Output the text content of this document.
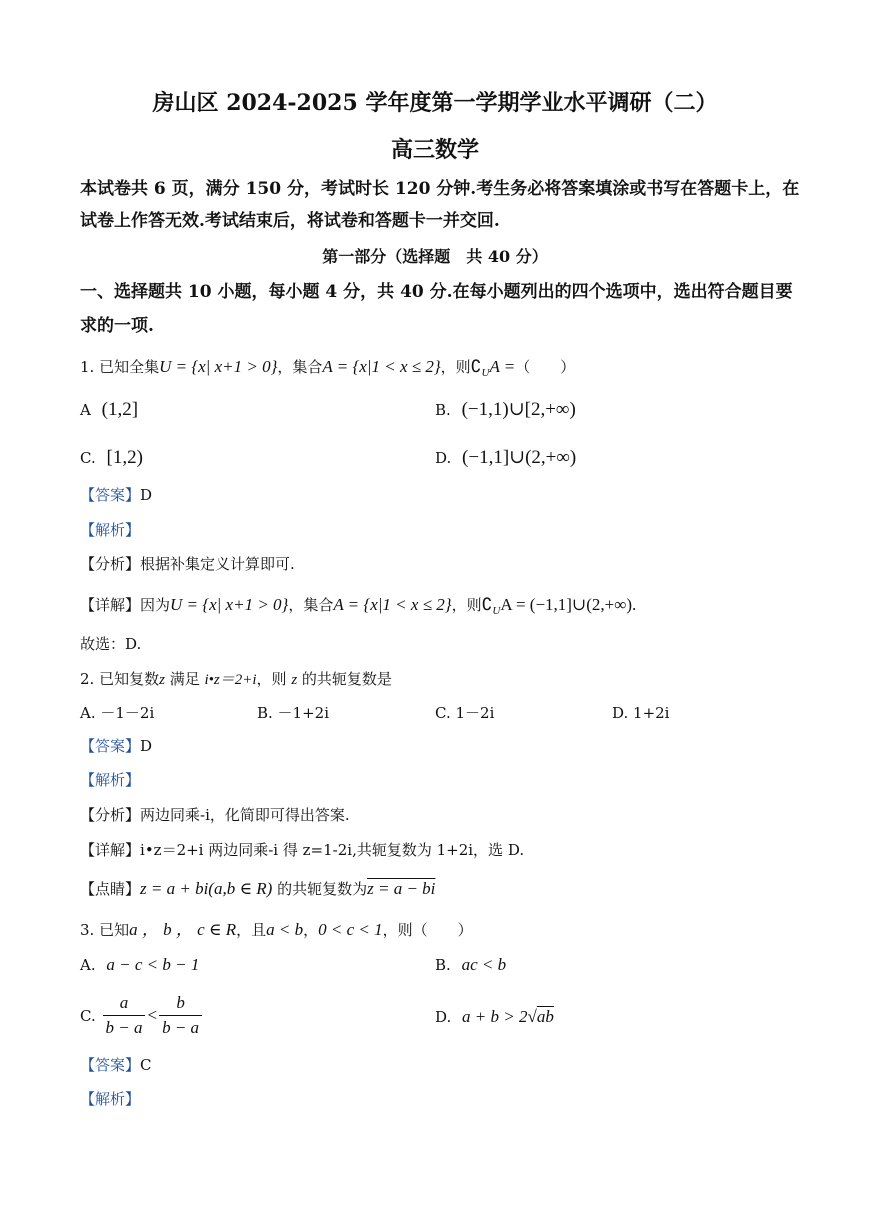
房山区 2024-2025 学年度第一学期学业水平调研（二）
高三数学
本试卷共 6 页，满分 150 分，考试时长 120 分钟.考生务必将答案填涂或书写在答题卡上，在
试卷上作答无效.考试结束后，将试卷和答题卡一并交回.
第一部分（选择题　共 40 分）
一、选择题共 10 小题，每小题 4 分，共 40 分.在每小题列出的四个选项中，选出符合题目要
求的一项.
1. 已知全集U = {x| x+1 > 0}，集合A = {x|1 < x ≤ 2}，则$∁_UA$ =（　　）
A (1,2]	B. (−1,1)∪[2,+∞)
C. [1,2)	D. (−1,1]∪(2,+∞)
【答案】D
【解析】
【分析】根据补集定义计算即可.
【详解】因为U = {x| x+1 > 0}，集合A = {x|1 < x ≤ 2}，则$∁_UA$ = (−1,1]∪(2,+∞).
故选：D.
2. 已知复数z 满足 i•z＝2+i，则 z 的共轭复数是
A. －1－2i	B. －1+2i	C. 1－2i	D. 1+2i
【答案】D
【解析】
【分析】两边同乘-i，化简即可得出答案.
【详解】i•z＝2+i 两边同乘-i 得 z=1-2i,共轭复数为 1+2i，选 D.
【点睛】z = a + bi(a,b ∈ R) 的共轭复数为z = a − bi
3. 已知a ， b ， c ∈ R，且a < b，0 < c < 1，则（　　）
A. a − c < b − 1	B. ac < b
C. $\frac{a}{b - a} < \frac{b}{b - a}$	D. a + b > 2√ab
【答案】C
【解析】
